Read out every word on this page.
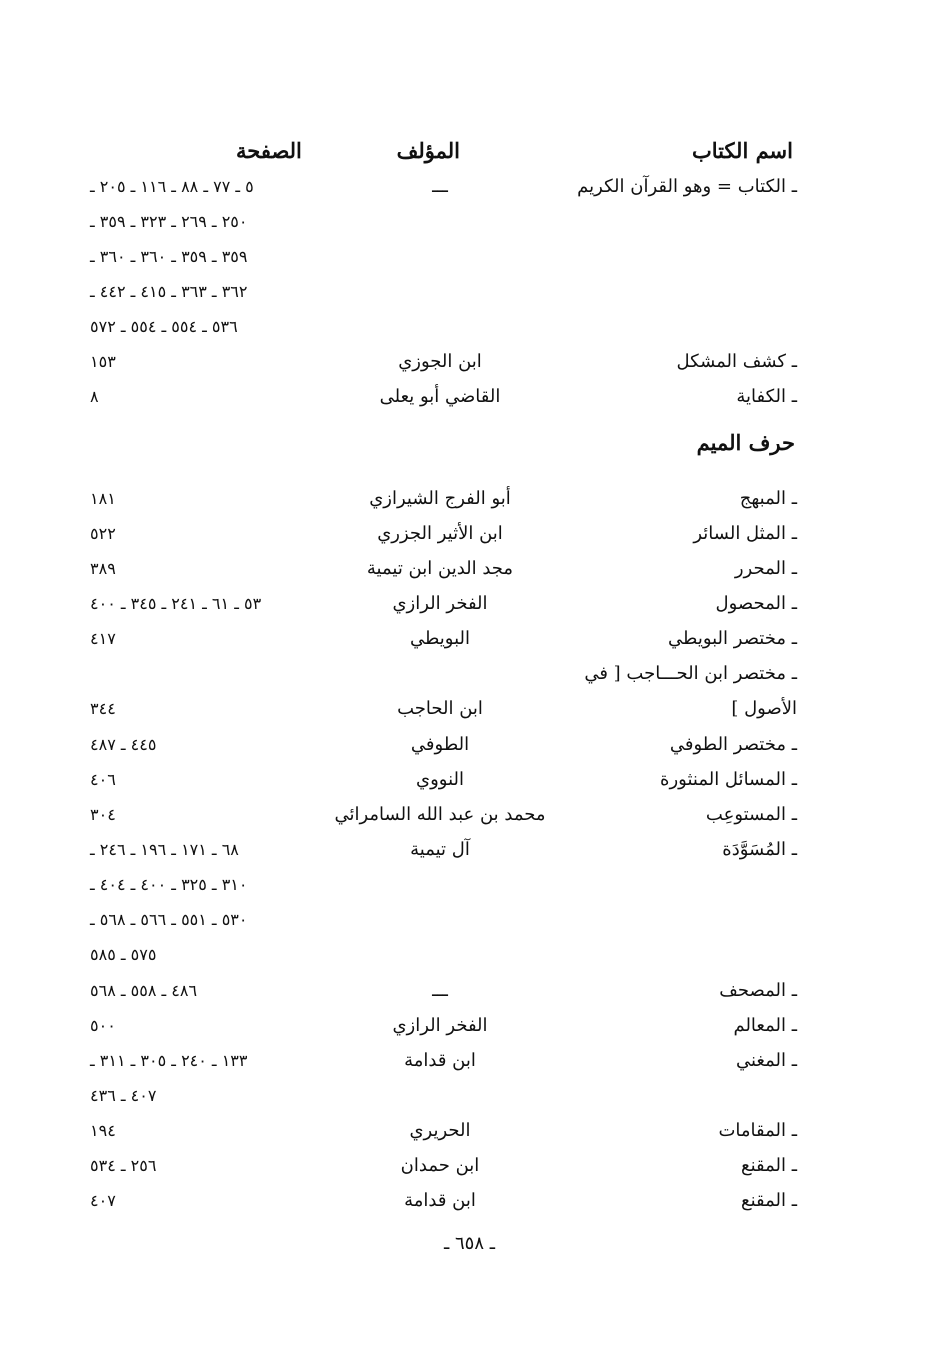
اسم الكتاب
المؤلف
الصفحة
ـ الكتاب = وهو القرآن الكريم
ـــ
٥ ـ ٧٧ ـ ٨٨ ـ ١١٦ ـ ٢٠٥ ـ
٢٥٠ ـ ٢٦٩ ـ ٣٢٣ ـ ٣٥٩ ـ
٣٥٩ ـ ٣٥٩ ـ ٣٦٠ ـ ٣٦٠ ـ
٣٦٢ ـ ٣٦٣ ـ ٤١٥ ـ ٤٤٢ ـ
٥٣٦ ـ ٥٥٤ ـ ٥٥٤ ـ ٥٧٢
ـ كشف المشكل
ابن الجوزي
١٥٣
ـ الكفاية
القاضي أبو يعلى
٨
حرف الميم
ـ المبهج
أبو الفرج الشيرازي
١٨١
ـ المثل السائر
ابن الأثير الجزري
٥٢٢
ـ المحرر
مجد الدين ابن تيمية
٣٨٩
ـ المحصول
الفخر الرازي
٥٣ ـ ٦١ ـ ٢٤١ ـ ٣٤٥ ـ ٤٠٠
ـ مختصر البويطي
البويطي
٤١٧
ـ مختصر ابن الحـــاجب [ في
الأصول ]
ابن الحاجب
٣٤٤
ـ مختصر الطوفي
الطوفي
٤٤٥ ـ ٤٨٧
ـ المسائل المنثورة
النووي
٤٠٦
ـ المستوعِب
محمد بن عبد الله السامرائي
٣٠٤
ـ المُسَوَّدَة
آل تيمية
٦٨ ـ ١٧١ ـ ١٩٦ ـ ٢٤٦ ـ
٣١٠ ـ ٣٢٥ ـ ٤٠٠ ـ ٤٠٤ ـ
٥٣٠ ـ ٥٥١ ـ ٥٦٦ ـ ٥٦٨ ـ
٥٧٥ ـ ٥٨٥
ـ المصحف
ـــ
٤٨٦ ـ ٥٥٨ ـ ٥٦٨
ـ المعالم
الفخر الرازي
٥٠٠
ـ المغني
ابن قدامة
١٣٣ ـ ٢٤٠ ـ ٣٠٥ ـ ٣١١ ـ
٤٠٧ ـ ٤٣٦
ـ المقامات
الحريري
١٩٤
ـ المقنع
ابن حمدان
٢٥٦ ـ ٥٣٤
ـ المقنع
ابن قدامة
٤٠٧
ـ ٦٥٨ ـ
